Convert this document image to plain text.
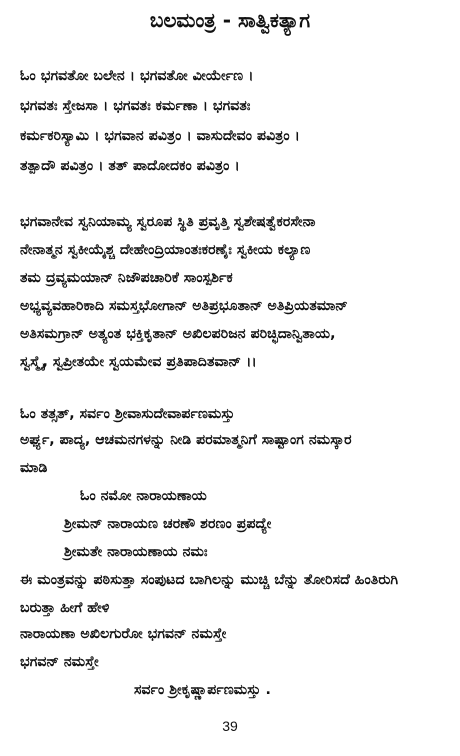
ಬಲಮಂತ್ರ - ಸಾತ್ವಿಕತ್ಯಾಗ
ಓಂ ಭಗವತೋ ಬಲೇನ । ಭಗವತೋ ವೀರ್ಯೇಣ ।
ಭಗವತಃ ಸ್ತೇಜಸಾ । ಭಗವತಃ ಕರ್ಮಣಾ । ಭಗವತಃ
ಕರ್ಮಕರಿಸ್ಯಾಮಿ । ಭಗವಾನ ಪವಿತ್ರಂ । ವಾಸುದೇವಂ ಪವಿತ್ರಂ ।
ತತ್ಪಾದೌ ಪವಿತ್ರಂ । ತತ್ ಪಾದೋದಕಂ ಪವಿತ್ರಂ ।
ಭಗವಾನೇವ ಸ್ವನಿಯಾಮ್ಯ ಸ್ವರೂಪ ಸ್ಥಿತಿ ಪ್ರವೃತ್ತಿ ಸ್ವಶೇಷತ್ವೆಕರಸೇನಾ
ನೇನಾತ್ಮನ ಸ್ವಕೀಯೈಶ್ಚ ದೇಹೇಂದ್ರಿಯಾಂತಃಕರಣೈಃ ಸ್ವಕೀಯ ಕಲ್ಯಾಣ
ತಮ ದ್ರವ್ಯಮಯಾನ್ ನಿಜೌಪಚಾರಿಕೆ ಸಾಂಸ್ಪರ್ಶಿಕ
ಅಭ್ಯವ್ಯವಹಾರಿಕಾದಿ ಸಮಸ್ತಭೋಗಾನ್ ಅತಿಪ್ರಭೂತಾನ್ ಅತಿಪ್ರಿಯತಮಾನ್
ಅತಿಸಮಗ್ರಾನ್ ಅತ್ಯಂತ ಭಕ್ತಿಕೃತಾನ್ ಅಖಿಲಪರಿಜನ ಪರಿಚ್ಛಿದಾನ್ವಿತಾಯ,
ಸ್ವಸ್ಮೈ, ಸ್ವಪ್ರೀತಯೇ ಸ್ವಯಮೇವ ಪ್ರತಿಪಾದಿತವಾನ್ ।।
ಓಂ ತತ್ಸತ್, ಸರ್ವಂ ಶ್ರೀವಾಸುದೇವಾರ್ಪಣಮಸ್ತು
ಅರ್ಘ್ಯ, ಪಾದ್ಯ, ಆಚಮನಗಳನ್ನು ನೀಡಿ ಪರಮಾತ್ಮನಿಗೆ ಸಾಷ್ಟಾಂಗ ನಮಸ್ಕಾರ
ಮಾಡಿ
ಓಂ ನಮೋ ನಾರಾಯಣಾಯ
ಶ್ರೀಮನ್ ನಾರಾಯಣ ಚರಣೌ ಶರಣಂ ಪ್ರಪದ್ಯೇ
ಶ್ರೀಮತೇ ನಾರಾಯಣಾಯ ನಮಃ
ಈ ಮಂತ್ರವನ್ನು ಪಠಿಸುತ್ತಾ ಸಂಪುಟದ ಬಾಗಿಲನ್ನು ಮುಚ್ಚಿ ಬೆನ್ನು ತೋರಿಸದೆ ಹಿಂತಿರುಗಿ
ಬರುತ್ತಾ ಹೀಗೆ ಹೇಳಿ
ನಾರಾಯಣಾ ಅಖಿಲಗುರೋ ಭಗವನ್ ನಮಸ್ತೇ
ಭಗವನ್ ನಮಸ್ತೇ
ಸರ್ವಂ ಶ್ರೀಕೃಷ್ಣಾರ್ಪಣಮಸ್ತು .
39
